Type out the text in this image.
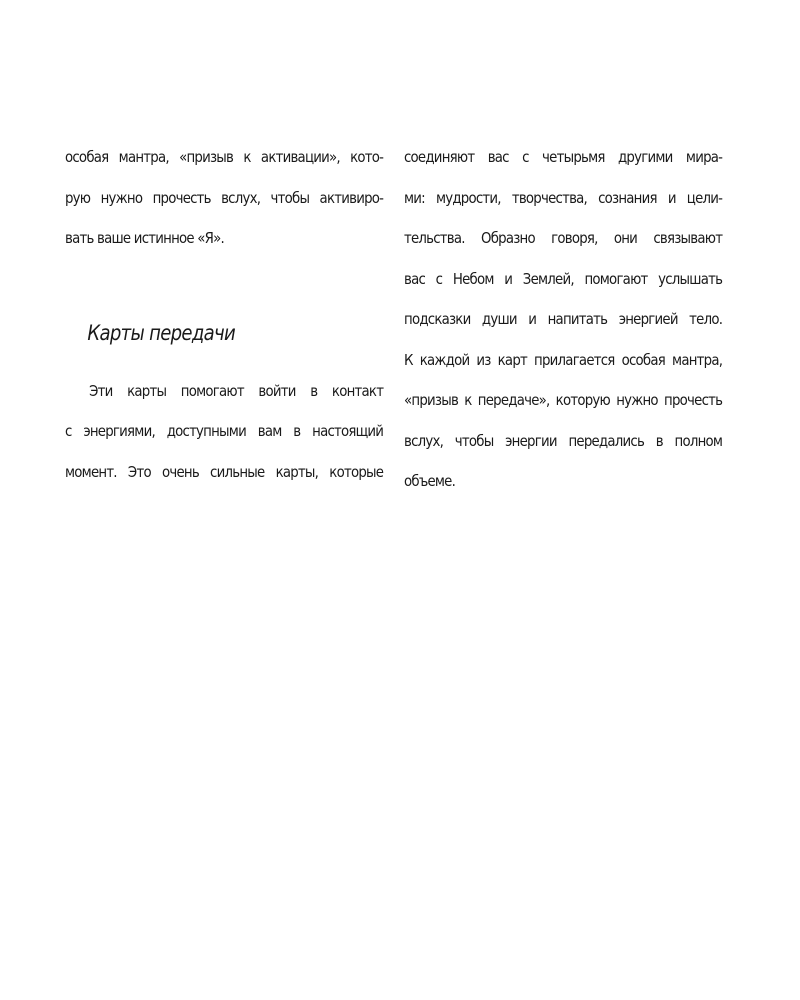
особая мантра, «призыв к активации», кото-
рую нужно прочесть вслух, чтобы активиро-
вать ваше истинное «Я».
Карты передачи
Эти карты помогают войти в контакт
с энергиями, доступными вам в настоящий
момент. Это очень сильные карты, которые
соединяют вас с четырьмя другими мира-
ми: мудрости, творчества, сознания и цели-
тельства. Образно говоря, они связывают
вас с Небом и Землей, помогают услышать
подсказки души и напитать энергией тело.
К каждой из карт прилагается особая мантра,
«призыв к передаче», которую нужно прочесть
вслух, чтобы энергии передались в полном
объеме.
